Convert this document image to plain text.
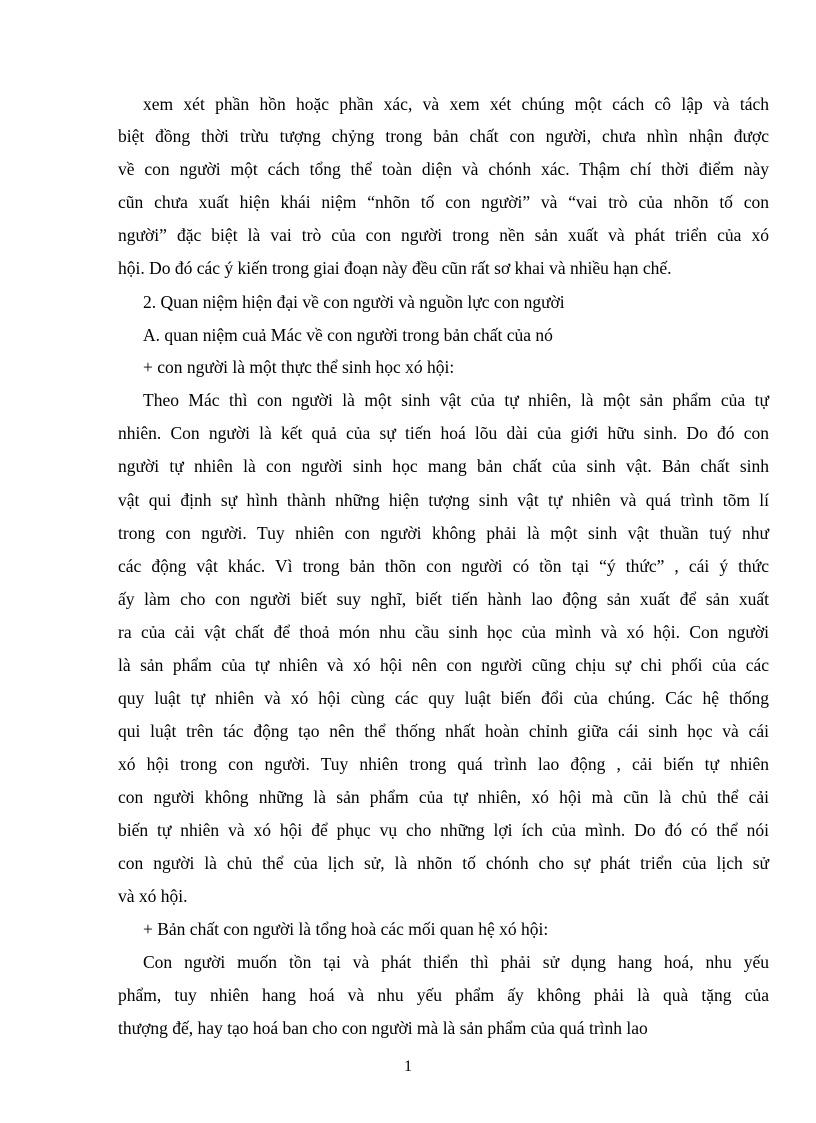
xem xét phần hồn hoặc phần xác, và xem xét chúng một cách cô lập và tách
biệt đồng thời trừu tượng chỷng trong bản chất con người, chưa nhìn nhận được
về con người một cách tổng thể toàn diện và chónh xác. Thậm chí thời điểm này
cũn chưa xuất hiện khái niệm “nhõn tố con người” và “vai trò của nhõn tố con
người” đặc biệt là vai trò của con người trong nền sản xuất và phát triển của xó
hội. Do đó các ý kiến trong giai đoạn này đều cũn rất sơ khai và nhiều hạn chế.
2. Quan niệm hiện đại về con người và nguồn lực con người
A. quan niệm cuả Mác về con người trong bản chất của nó
+ con người là một thực thể sinh học xó hội:
Theo Mác thì con người là một sinh vật của tự nhiên, là một sản phẩm của tự
nhiên. Con người là kết quả của sự tiến hoá lõu dài của giới hữu sinh. Do đó con
người tự nhiên là con người sinh học mang bản chất của sinh vật. Bản chất sinh
vật qui định sự hình thành những hiện tượng sinh vật tự nhiên và quá trình tõm lí
trong con người. Tuy nhiên con người không phải là một sinh vật thuần tuý như
các động vật khác. Vì trong bản thõn con người có tồn tại “ý thức” , cái ý thức
ấy làm cho con người biết suy nghĩ, biết tiến hành lao động sản xuất để sản xuất
ra của cải vật chất để thoả món nhu cầu sinh học của mình và xó hội. Con người
là sản phẩm của tự nhiên và xó hội nên con người cũng chịu sự chi phối của các
quy luật tự nhiên và xó hội cùng các quy luật biến đổi của chúng. Các hệ thống
qui luật trên tác động tạo nên thể thống nhất hoàn chỉnh giữa cái sinh học và cái
xó hội trong con người. Tuy nhiên trong quá trình lao động , cải biến tự nhiên
con người không những là sản phẩm của tự nhiên, xó hội mà cũn là chủ thể cải
biến tự nhiên và xó hội để phục vụ cho những lợi ích của mình. Do đó có thể nói
con người là chủ thể của lịch sử, là nhõn tố chónh cho sự phát triển của lịch sử
và xó hội.
+ Bản chất con người là tổng hoà các mối quan hệ xó hội:
Con người muốn tồn tại và phát thiển thì phải sử dụng hang hoá, nhu yếu
phẩm, tuy nhiên hang hoá và nhu yếu phẩm ấy không phải là quà tặng của
thượng đế, hay tạo hoá ban cho con người mà là sản phẩm của quá trình lao
1
